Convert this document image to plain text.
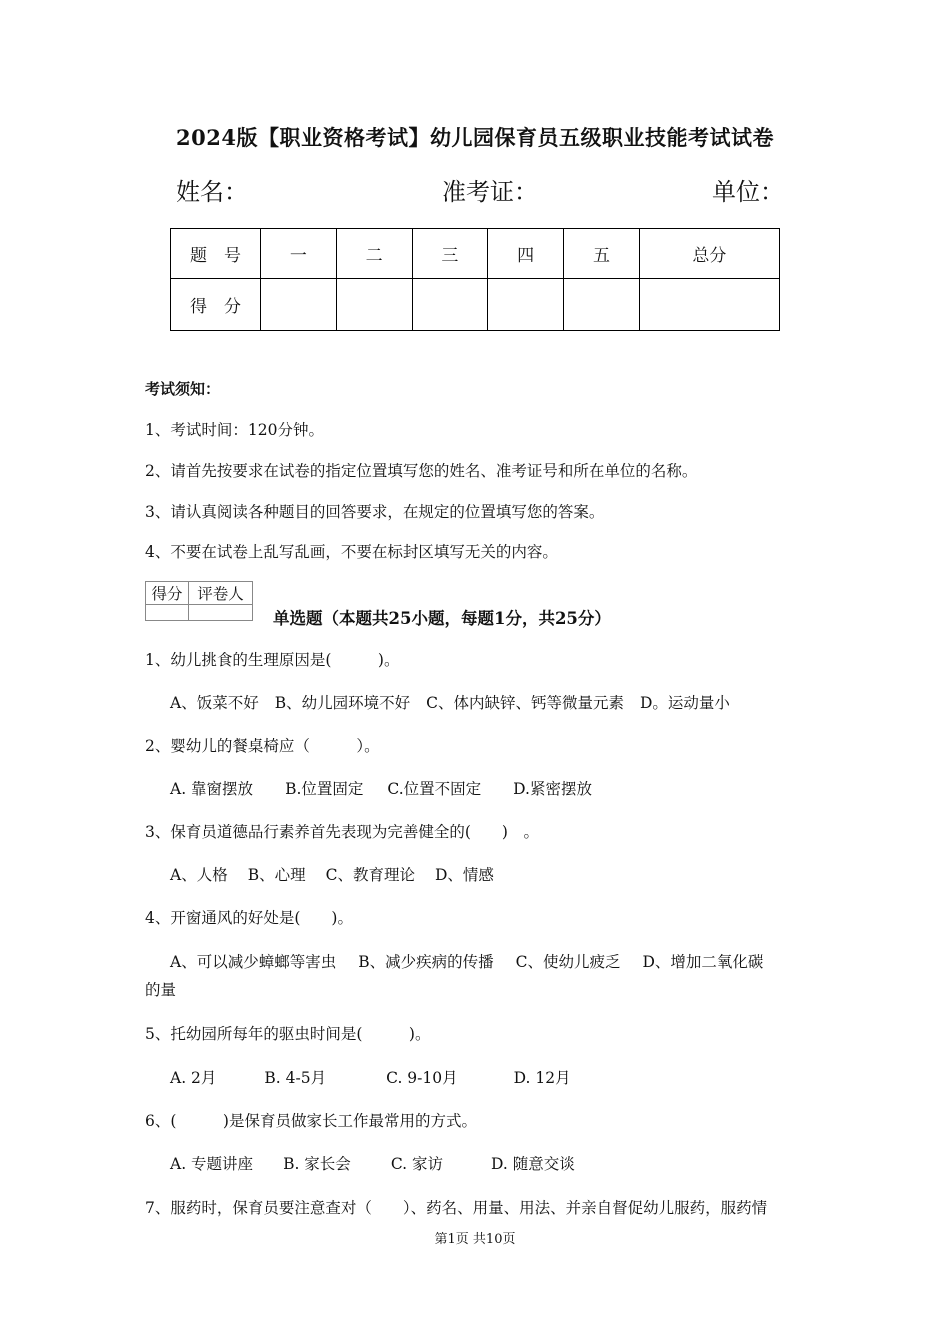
2024版【职业资格考试】幼儿园保育员五级职业技能考试试卷
姓名：	准考证：	单位：
题　号	一	二	三	四	五	总分
得　分						
考试须知：
1、考试时间：120分钟。
2、请首先按要求在试卷的指定位置填写您的姓名、准考证号和所在单位的名称。
3、请认真阅读各种题目的回答要求，在规定的位置填写您的答案。
4、不要在试卷上乱写乱画，不要在标封区填写无关的内容。
得分	评卷人

单选题（本题共25小题，每题1分，共25分）
1、幼儿挑食的生理原因是(　　　)。
A、饭菜不好 B、幼儿园环境不好 C、体内缺锌、钙等微量元素 D。运动量小
2、婴幼儿的餐桌椅应（　　　）。
A. 靠窗摆放 B.位置固定 C.位置不固定 D.紧密摆放
3、保育员道德品行素养首先表现为完善健全的(　　)　。
A、人格 B、心理 C、教育理论 D、情感
4、开窗通风的好处是(　　)。
A、可以减少蟑螂等害虫 B、减少疾病的传播 C、使幼儿疲乏 D、增加二氧化碳
的量
5、托幼园所每年的驱虫时间是(　　　)。
A. 2月	B. 4-5月	C. 9-10月	D. 12月
6、(　　　)是保育员做家长工作最常用的方式。
A. 专题讲座 B. 家长会	C. 家访	D. 随意交谈
7、服药时，保育员要注意查对（　　）、药名、用量、用法、并亲自督促幼儿服药，服药情
第1页 共10页
